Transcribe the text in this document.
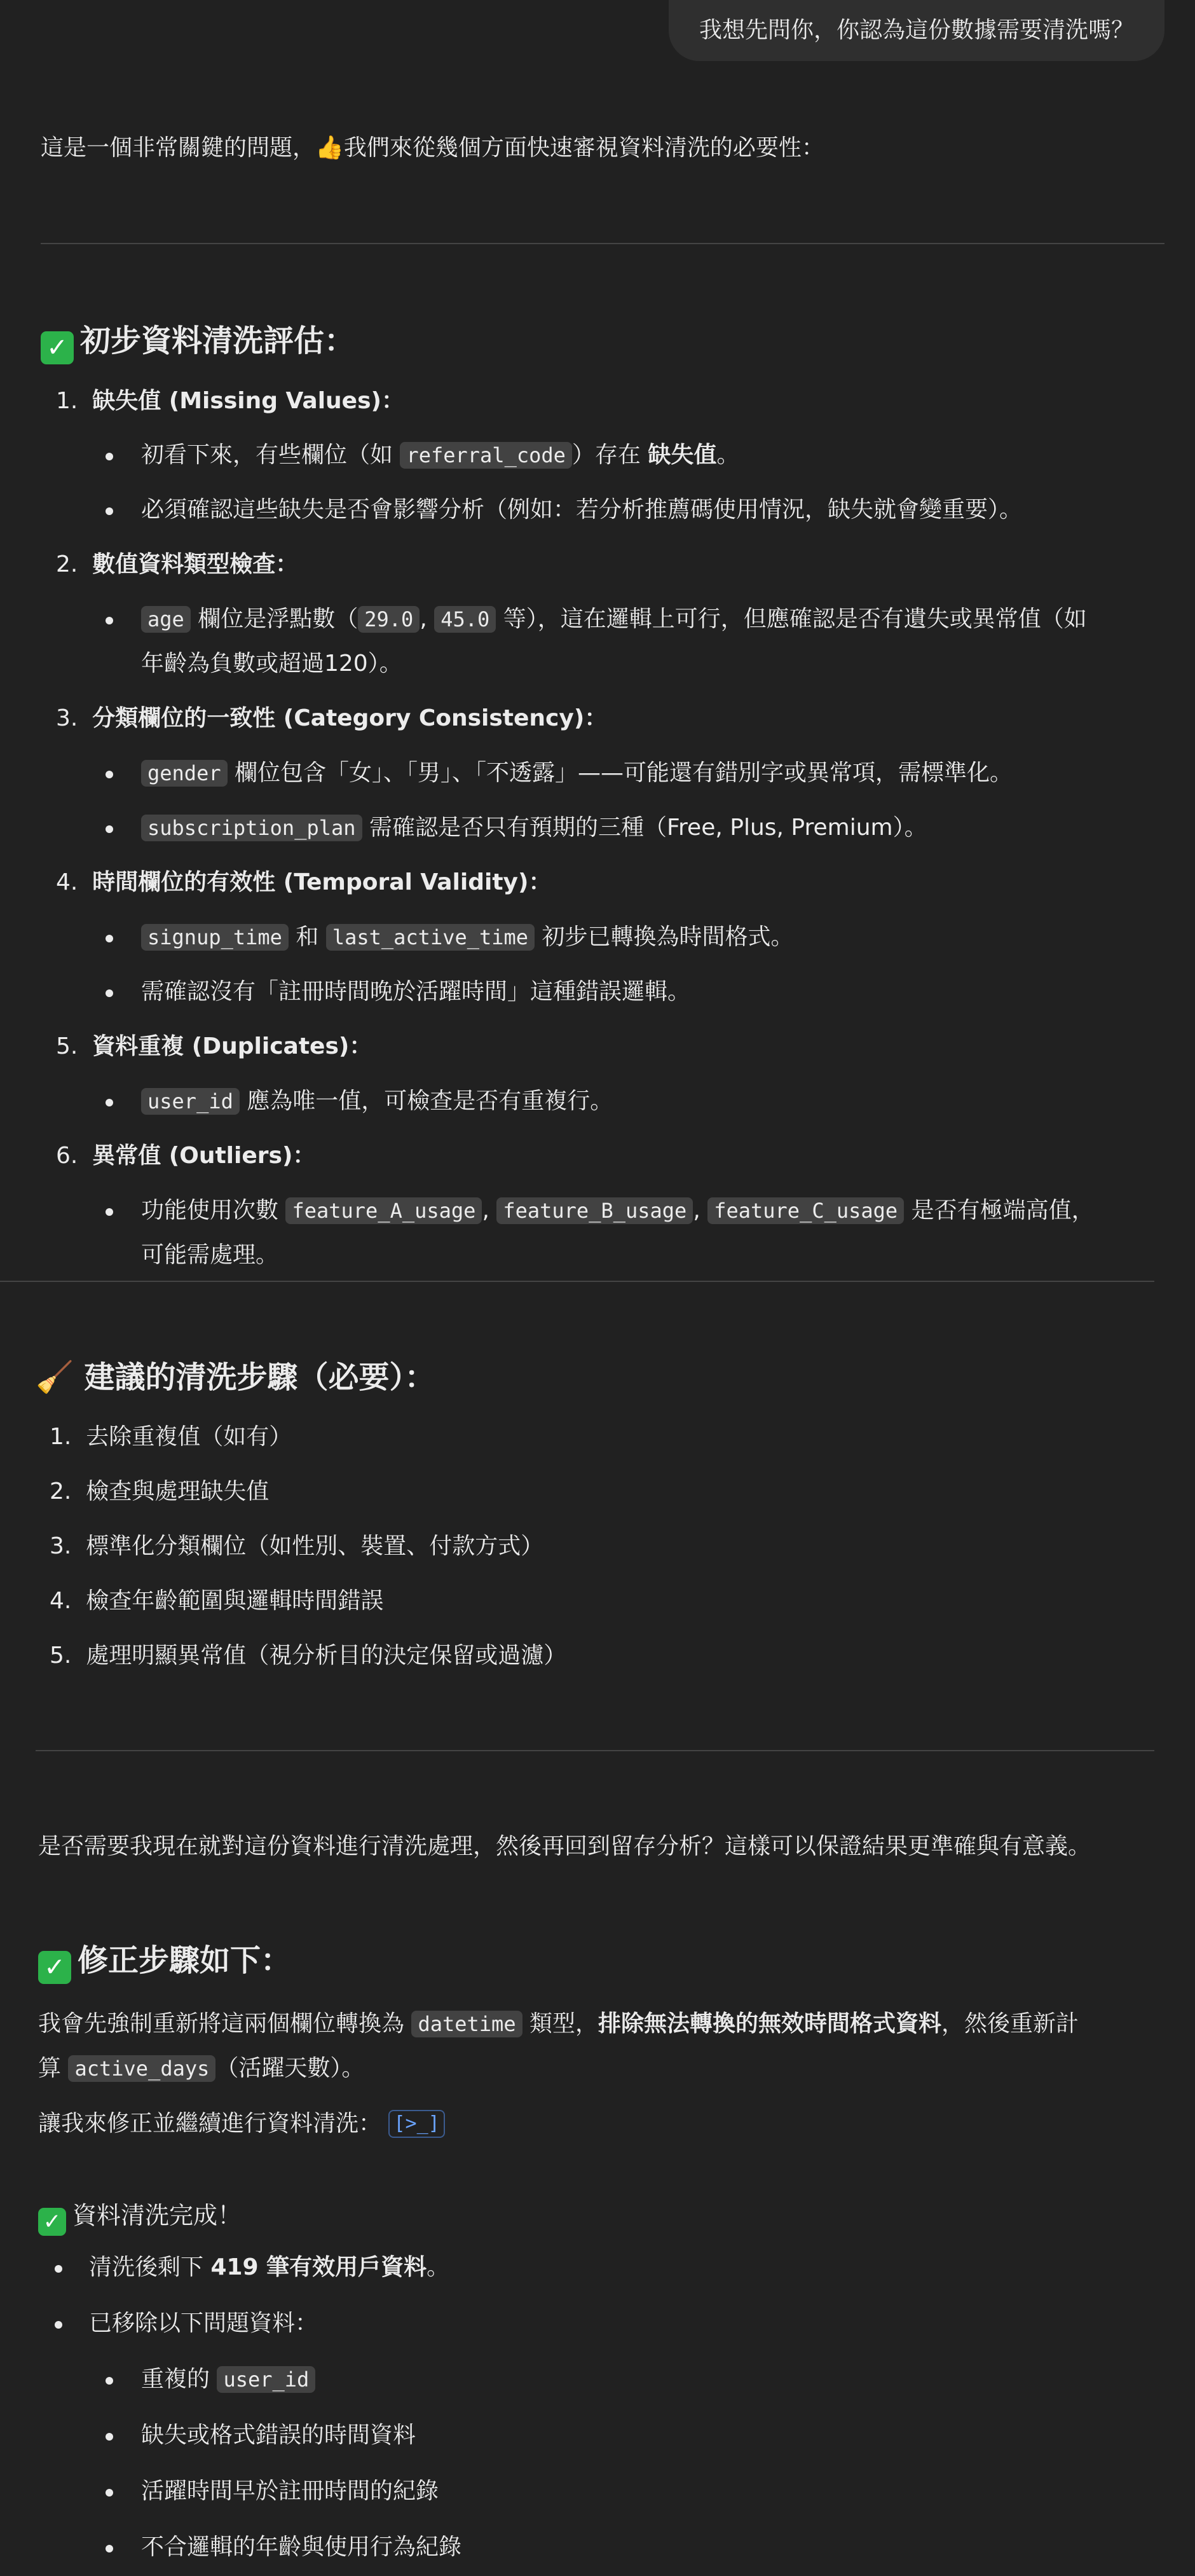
我想先問你，你認為這份數據需要清洗嗎？
這是一個非常關鍵的問題，👍我們來從幾個方面快速審視資料清洗的必要性：
✓ 初步資料清洗評估：
1. 缺失值 (Missing Values)：
初看下來，有些欄位（如 referral_code ）存在 缺失值。
必須確認這些缺失是否會影響分析（例如：若分析推薦碼使用情況，缺失就會變重要）。
2. 數值資料類型檢查：
age 欄位是浮點數（ 29.0 , 45.0 等），這在邏輯上可行，但應確認是否有遺失或異常值（如
年齡為負數或超過120）。
3. 分類欄位的一致性 (Category Consistency)：
gender 欄位包含「女」、「男」、「不透露」——可能還有錯別字或異常項，需標準化。
subscription_plan 需確認是否只有預期的三種（Free, Plus, Premium）。
4. 時間欄位的有效性 (Temporal Validity)：
signup_time 和 last_active_time 初步已轉換為時間格式。
需確認沒有「註冊時間晚於活躍時間」這種錯誤邏輯。
5. 資料重複 (Duplicates)：
user_id 應為唯一值，可檢查是否有重複行。
6. 異常值 (Outliers)：
功能使用次數 feature_A_usage , feature_B_usage , feature_C_usage 是否有極端高值，
可能需處理。
🧹 建議的清洗步驟（必要）：
1. 去除重複值（如有）
2. 檢查與處理缺失值
3. 標準化分類欄位（如性別、裝置、付款方式）
4. 檢查年齡範圍與邏輯時間錯誤
5. 處理明顯異常值（視分析目的決定保留或過濾）
是否需要我現在就對這份資料進行清洗處理，然後再回到留存分析？這樣可以保證結果更準確與有意義。
✓ 修正步驟如下：
我會先強制重新將這兩個欄位轉換為 datetime 類型，排除無法轉換的無效時間格式資料，然後重新計
算 active_days （活躍天數）。
讓我來修正並繼續進行資料清洗： [>_]
✓ 資料清洗完成！
清洗後剩下 419 筆有效用戶資料。
已移除以下問題資料：
重複的 user_id
缺失或格式錯誤的時間資料
活躍時間早於註冊時間的紀錄
不合邏輯的年齡與使用行為紀錄
